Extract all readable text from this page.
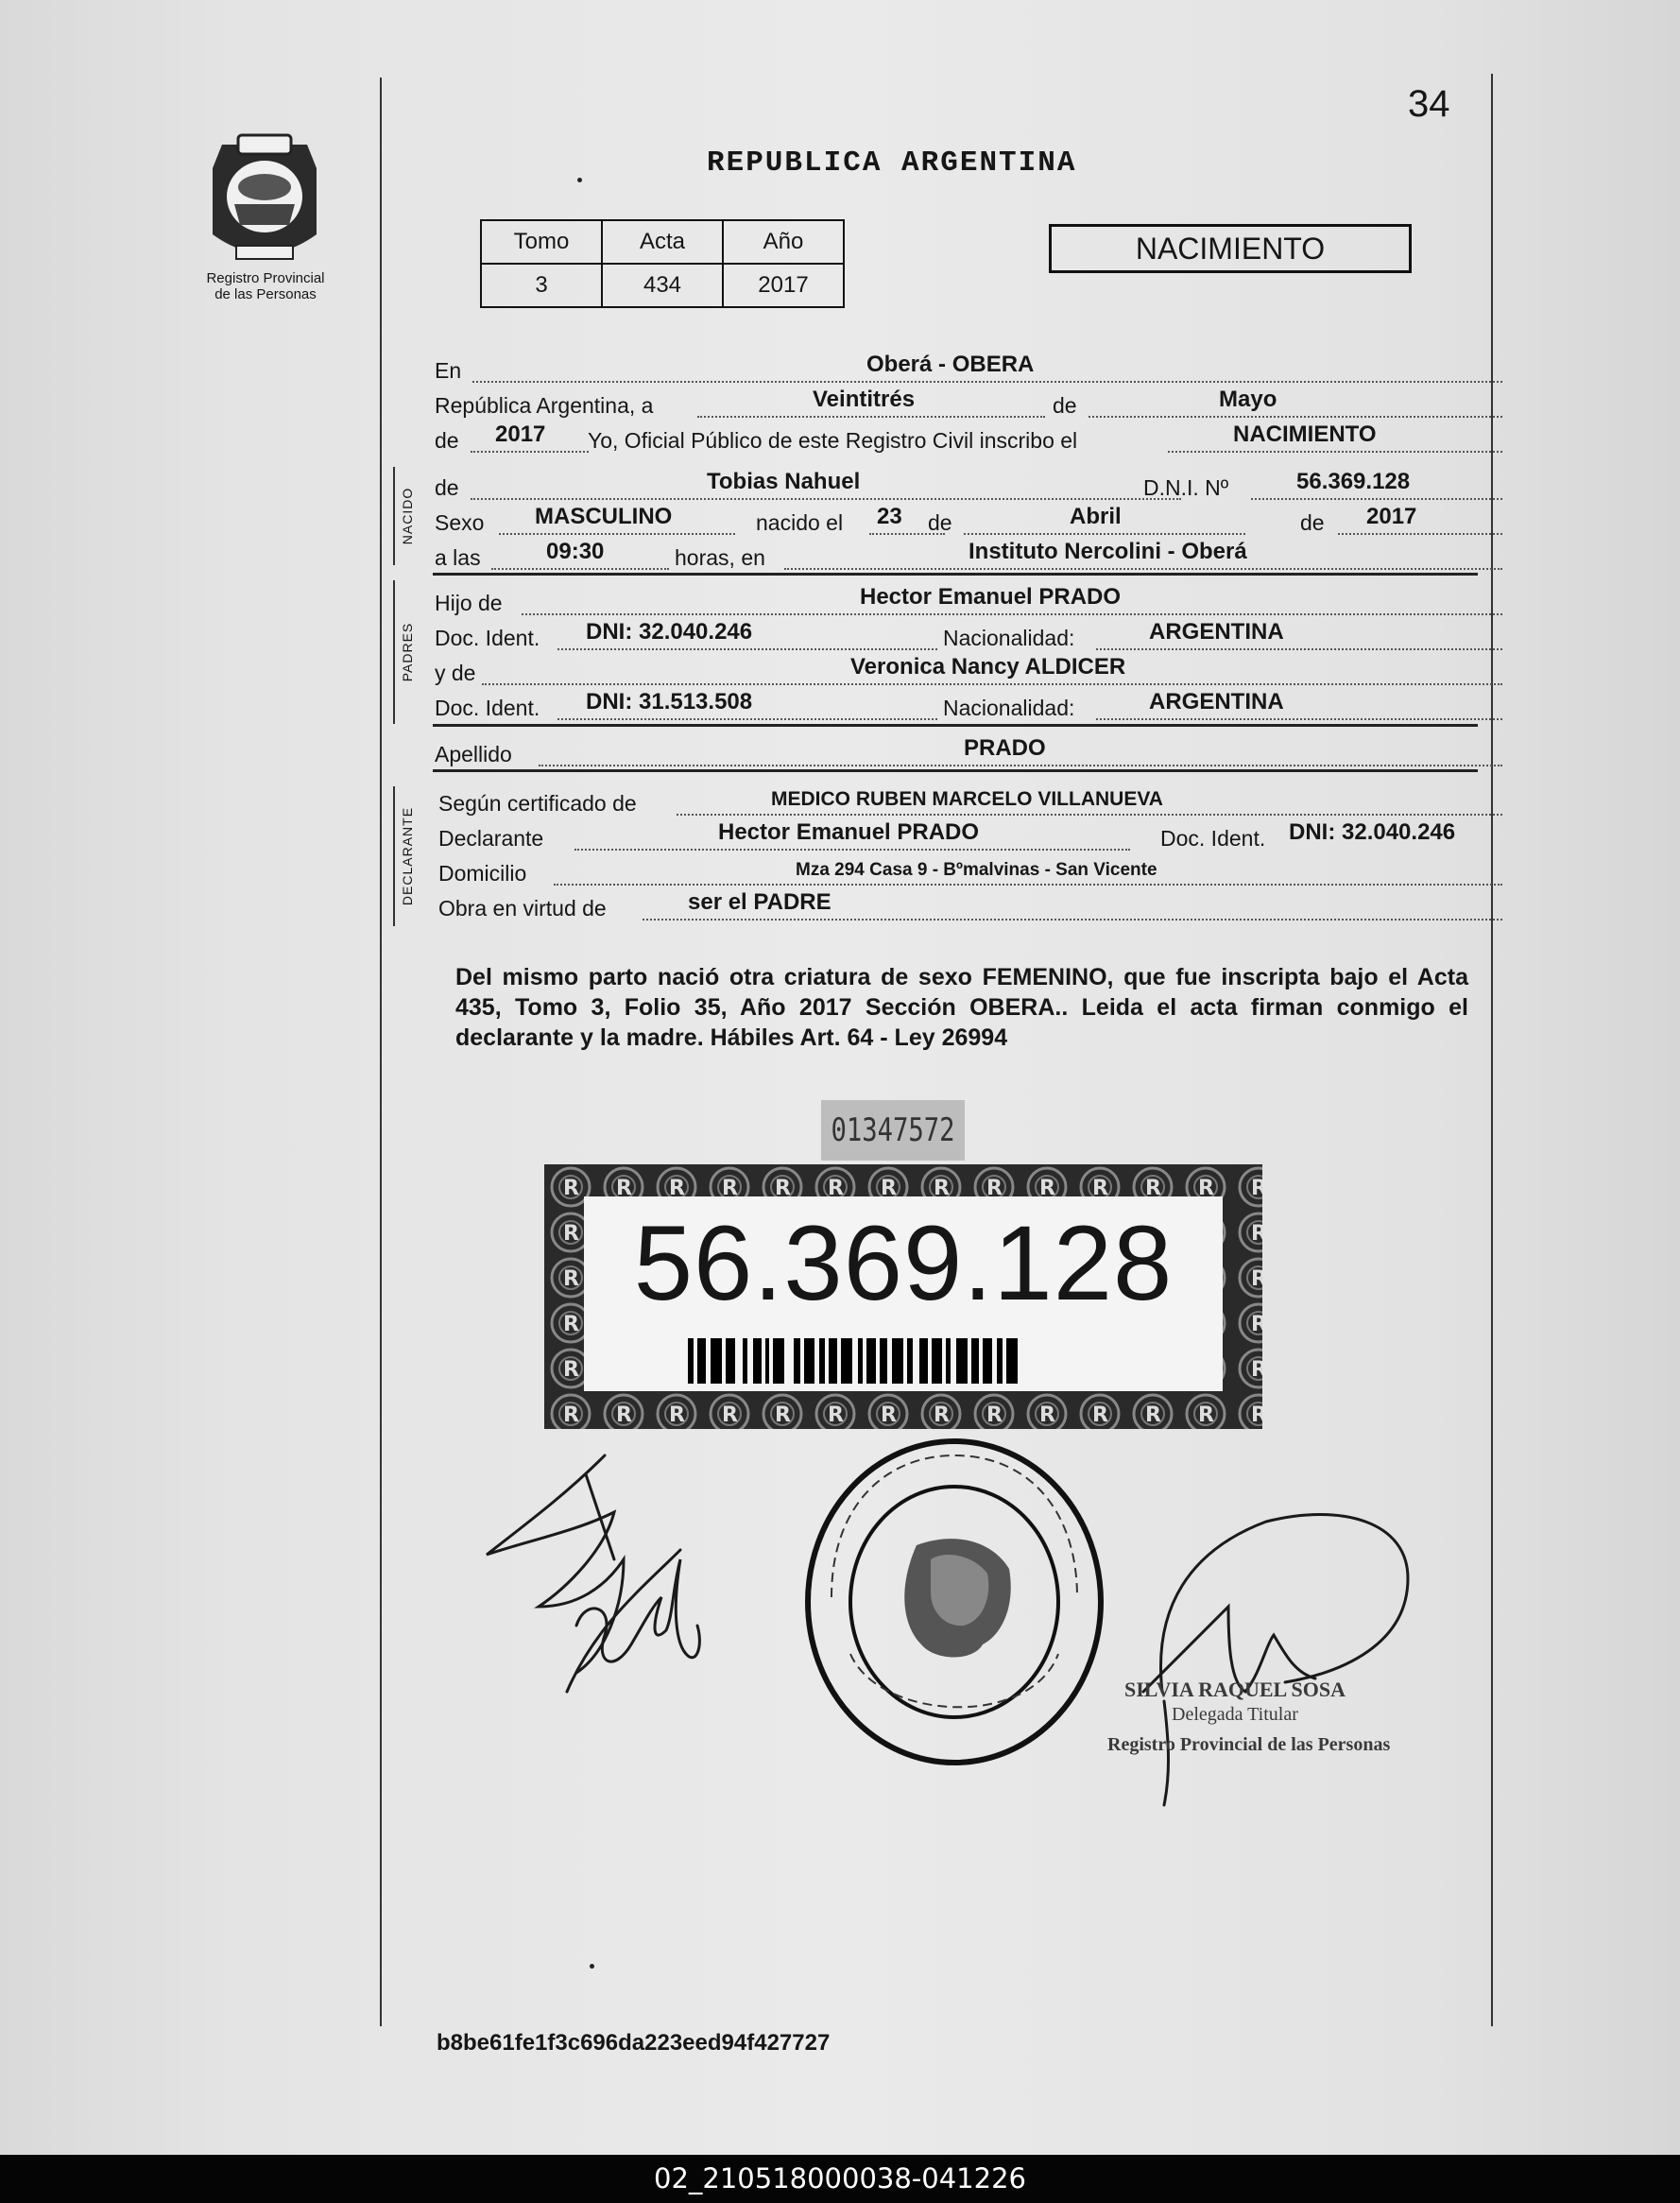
34
Registro Provincial
de las Personas
REPUBLICA ARGENTINA
Tomo	Acta	Año
3	434	2017
NACIMIENTO
En	Oberá - OBERA
República Argentina, a	Veintitrés	de	Mayo
de 2017 Yo, Oficial Público de este Registro Civil inscribo el	NACIMIENTO
NACIDO de	Tobias Nahuel	D.N.I. Nº	56.369.128
Sexo MASCULINO	nacido el 23 de	Abril	de 2017
a las	09:30	horas, en	Instituto Nercolini - Oberá
PADRES
Hijo de	Hector Emanuel PRADO
Doc. Ident. DNI: 32.040.246	Nacionalidad:	ARGENTINA
y de	Veronica Nancy ALDICER
Doc. Ident. DNI: 31.513.508	Nacionalidad:	ARGENTINA
Apellido	PRADO
DECLARANTE
Según certificado de	MEDICO RUBEN MARCELO VILLANUEVA
Declarante	Hector Emanuel PRADO	Doc. Ident. DNI: 32.040.246
Domicilio	Mza 294 Casa 9 - Bºmalvinas - San Vicente
Obra en virtud de	ser el PADRE
Del mismo parto nació otra criatura de sexo FEMENINO, que fue inscripta bajo el Acta 435, Tomo 3, Folio 35, Año 2017 Sección OBERA.. Leida el acta firman conmigo el declarante y la madre. Hábiles Art. 64 - Ley 26994
01347572
56.369.128
SILVIA RAQUEL SOSA
Delegada Titular
Registro Provincial de las Personas
b8be61fe1f3c696da223eed94f427727
02_210518000038-041226
